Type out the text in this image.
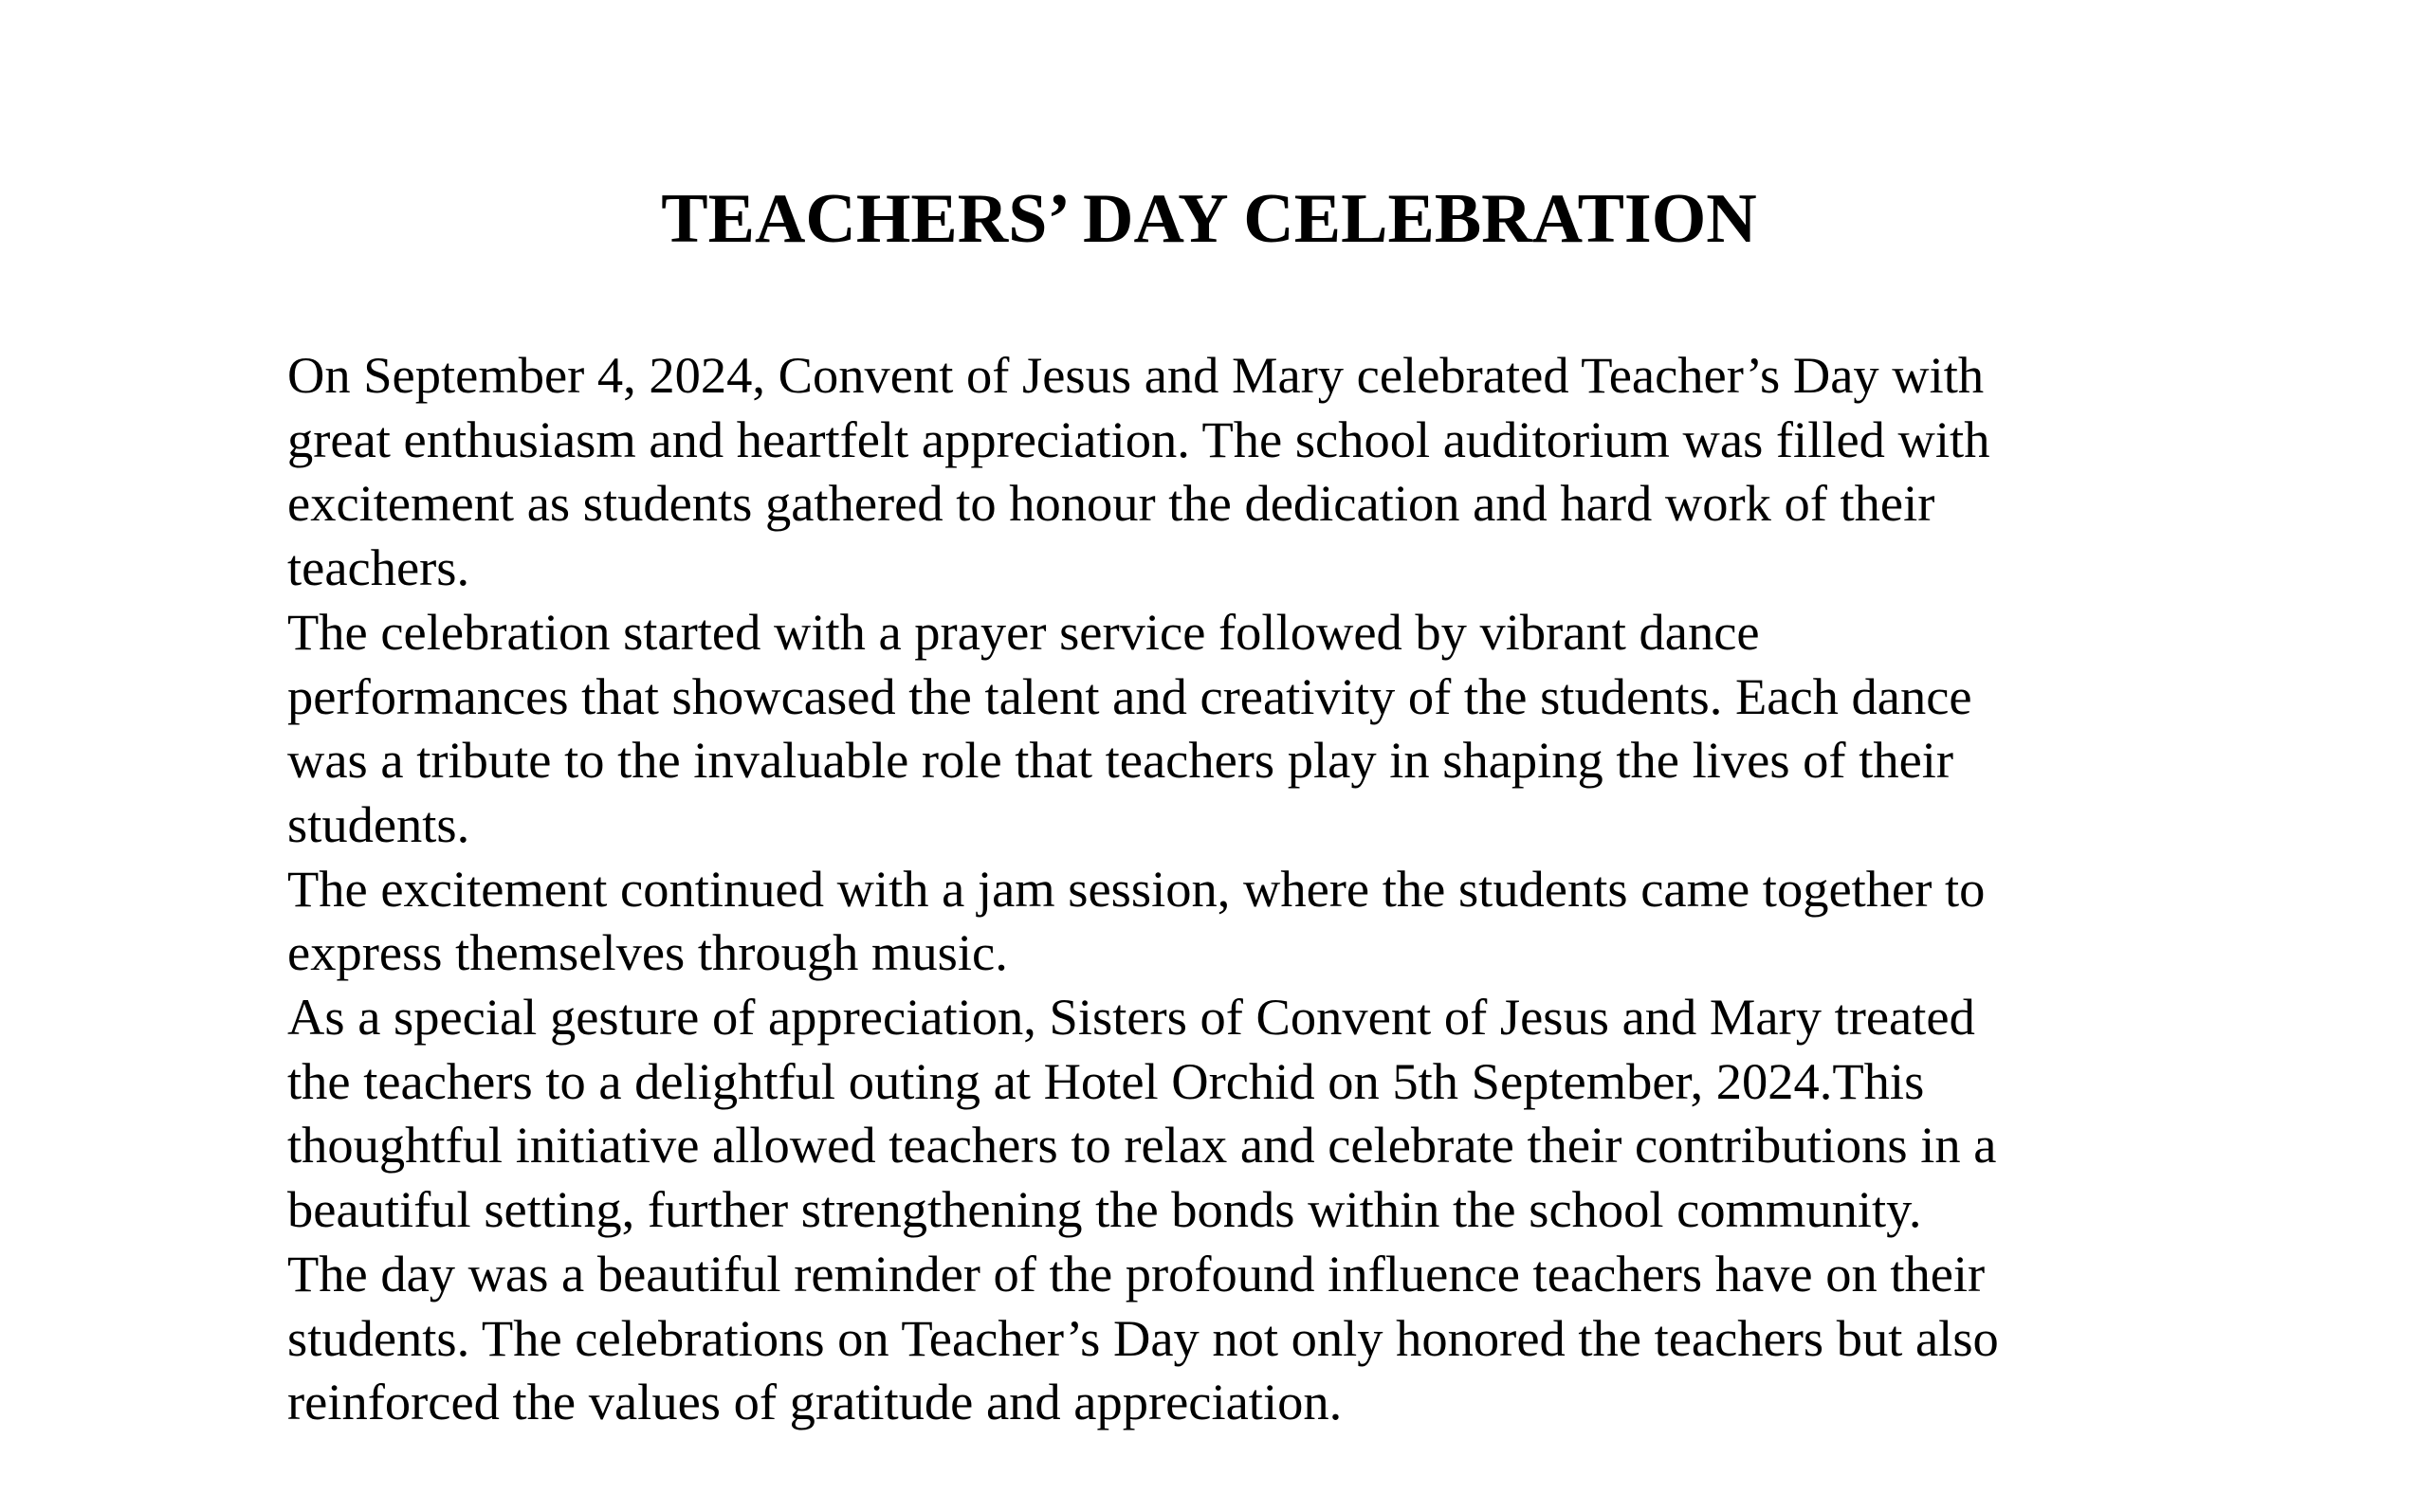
TEACHERS’ DAY CELEBRATION
On September 4, 2024, Convent of Jesus and Mary celebrated Teacher’s Day with
great enthusiasm and heartfelt appreciation. The school auditorium was filled with
excitement as students gathered to honour the dedication and hard work of their
teachers.
The celebration started with a prayer service followed by vibrant dance
performances that showcased the talent and creativity of the students. Each dance
was a tribute to the invaluable role that teachers play in shaping the lives of their
students.
The excitement continued with a jam session, where the students came together to
express themselves through music.
As a special gesture of appreciation, Sisters of Convent of Jesus and Mary treated
the teachers to a delightful outing at Hotel Orchid on 5th September, 2024.This
thoughtful initiative allowed teachers to relax and celebrate their contributions in a
beautiful setting, further strengthening the bonds within the school community.
The day was a beautiful reminder of the profound influence teachers have on their
students. The celebrations on Teacher’s Day not only honored the teachers but also
reinforced the values of gratitude and appreciation.
